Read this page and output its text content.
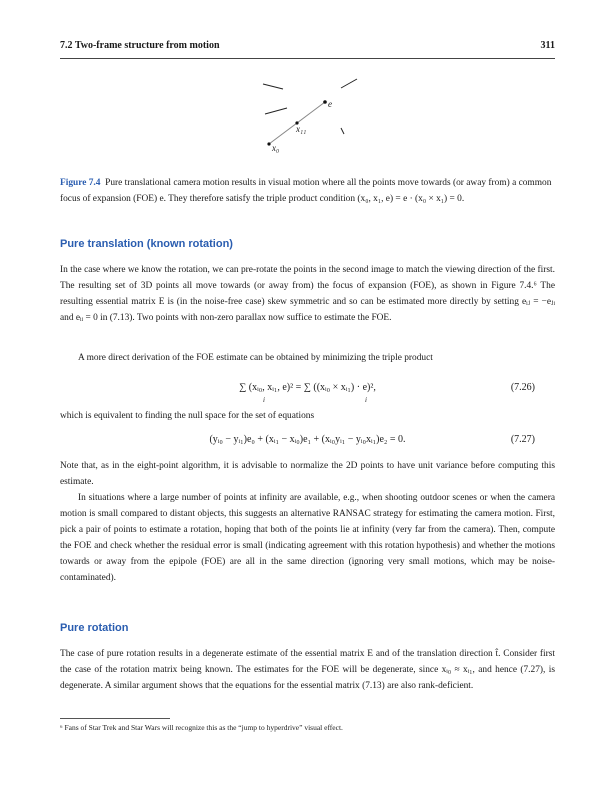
7.2 Two-frame structure from motion	311
e
x₁₁
x₀
Figure 7.4 Pure translational camera motion results in visual motion where all the points move towards (or away from) a common focus of expansion (FOE) e. They therefore satisfy the triple product condition (x₀, x₁, e) = e · (x₀ × x₁) = 0.
Pure translation (known rotation)
In the case where we know the rotation, we can pre-rotate the points in the second image to match the viewing direction of the first. The resulting set of 3D points all move towards (or away from) the focus of expansion (FOE), as shown in Figure 7.4.⁶ The resulting essential matrix E is (in the noise-free case) skew symmetric and so can be estimated more directly by setting eᵢⱼ = −eⱼᵢ and eᵢᵢ = 0 in (7.13). Two points with non-zero parallax now suffice to estimate the FOE.
A more direct derivation of the FOE estimate can be obtained by minimizing the triple product
∑ (xᵢ₀, xᵢ₁, e)² = ∑ ((xᵢ₀ × xᵢ₁) · e)²,
i	i
(7.26)
which is equivalent to finding the null space for the set of equations
(yᵢ₀ − yᵢ₁)e₀ + (xᵢ₁ − xᵢ₀)e₁ + (xᵢ₀yᵢ₁ − yᵢ₀xᵢ₁)e₂ = 0.	(7.27)
Note that, as in the eight-point algorithm, it is advisable to normalize the 2D points to have unit variance before computing this estimate.
In situations where a large number of points at infinity are available, e.g., when shooting outdoor scenes or when the camera motion is small compared to distant objects, this suggests an alternative RANSAC strategy for estimating the camera motion. First, pick a pair of points to estimate a rotation, hoping that both of the points lie at infinity (very far from the camera). Then, compute the FOE and check whether the residual error is small (indicating agreement with this rotation hypothesis) and whether the motions towards or away from the epipole (FOE) are all in the same direction (ignoring very small motions, which may be noise-contaminated).
Pure rotation
The case of pure rotation results in a degenerate estimate of the essential matrix E and of the translation direction t̂. Consider first the case of the rotation matrix being known. The estimates for the FOE will be degenerate, since xᵢ₀ ≈ xᵢ₁, and hence (7.27), is degenerate. A similar argument shows that the equations for the essential matrix (7.13) are also rank-deficient.
⁶ Fans of Star Trek and Star Wars will recognize this as the “jump to hyperdrive” visual effect.
